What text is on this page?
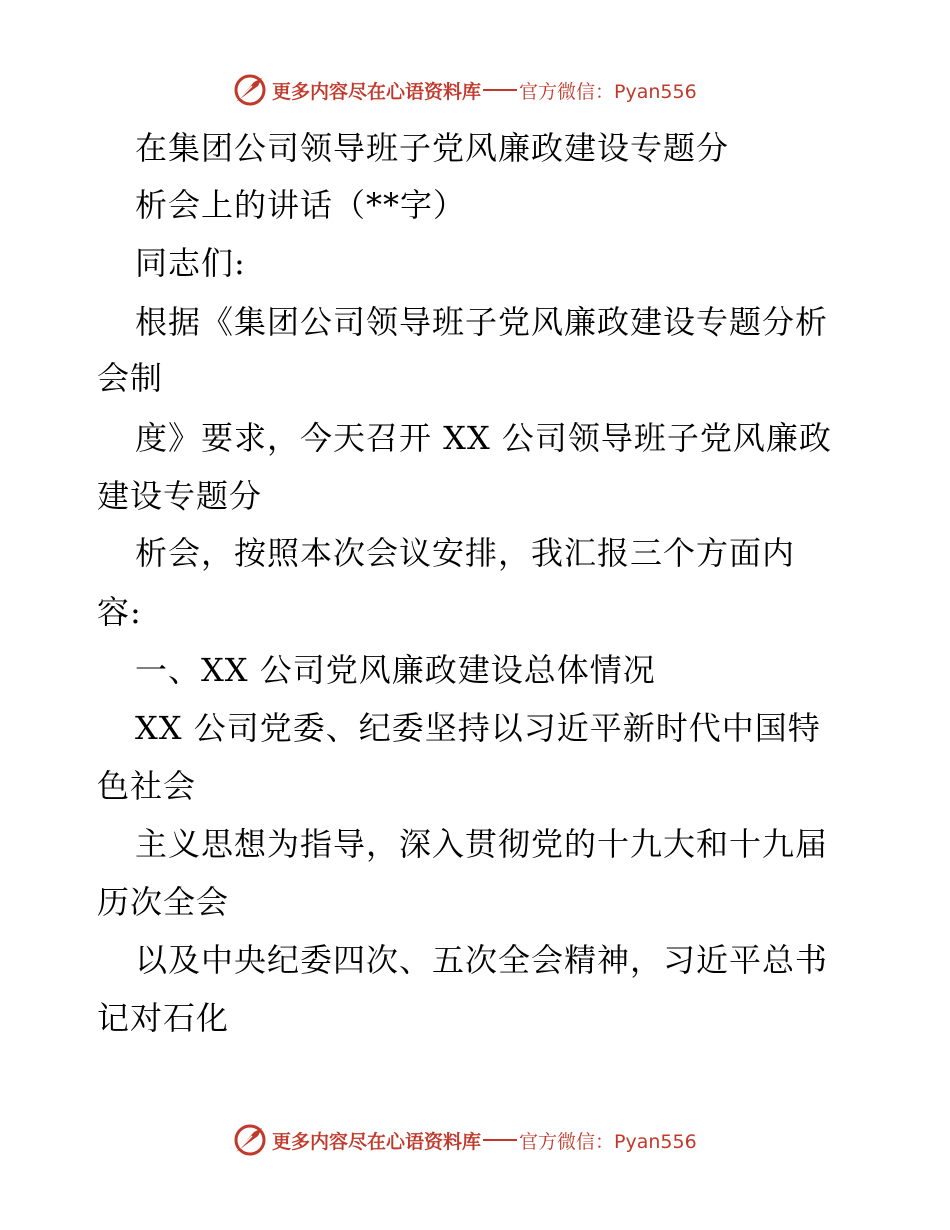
更多内容尽在心语资料库 官方微信：Pyan556
在集团公司领导班子党风廉政建设专题分
析会上的讲话（**字）
同志们:
根据《集团公司领导班子党风廉政建设专题分析
会制
度》要求，今天召开 XX 公司领导班子党风廉政
建设专题分
析会，按照本次会议安排，我汇报三个方面内
容:
一、XX 公司党风廉政建设总体情况
XX 公司党委、纪委坚持以习近平新时代中国特
色社会
主义思想为指导，深入贯彻党的十九大和十九届
历次全会
以及中央纪委四次、五次全会精神，习近平总书
记对石化
更多内容尽在心语资料库 官方微信：Pyan556
